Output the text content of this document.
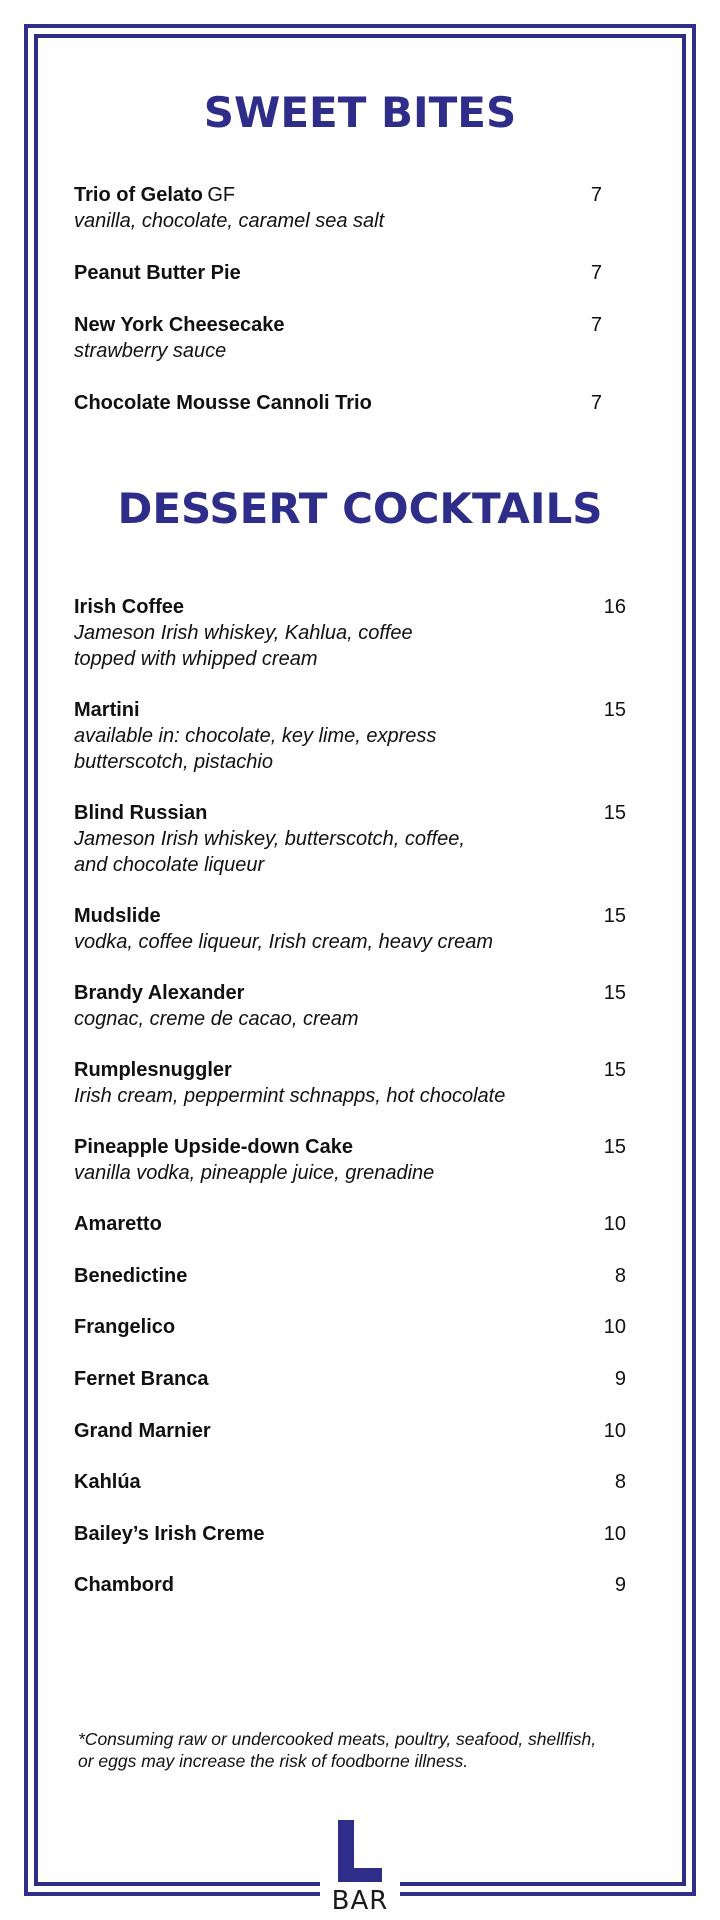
SWEET BITES
Trio of Gelato GF	7
vanilla, chocolate, caramel sea salt
Peanut Butter Pie	7
New York Cheesecake	7
strawberry sauce
Chocolate Mousse Cannoli Trio	7
DESSERT COCKTAILS
Irish Coffee	16
Jameson Irish whiskey, Kahlua, coffee
topped with whipped cream
Martini	15
available in: chocolate, key lime, express
butterscotch, pistachio
Blind Russian	15
Jameson Irish whiskey, butterscotch, coffee,
and chocolate liqueur
Mudslide	15
vodka, coffee liqueur, Irish cream, heavy cream
Brandy Alexander	15
cognac, creme de cacao, cream
Rumplesnuggler	15
Irish cream, peppermint schnapps, hot chocolate
Pineapple Upside-down Cake	15
vanilla vodka, pineapple juice, grenadine
Amaretto	10
Benedictine	8
Frangelico	10
Fernet Branca	9
Grand Marnier	10
Kahlúa	8
Bailey’s Irish Creme	10
Chambord	9
*Consuming raw or undercooked meats, poultry, seafood, shellfish,
or eggs may increase the risk of foodborne illness.
BAR
